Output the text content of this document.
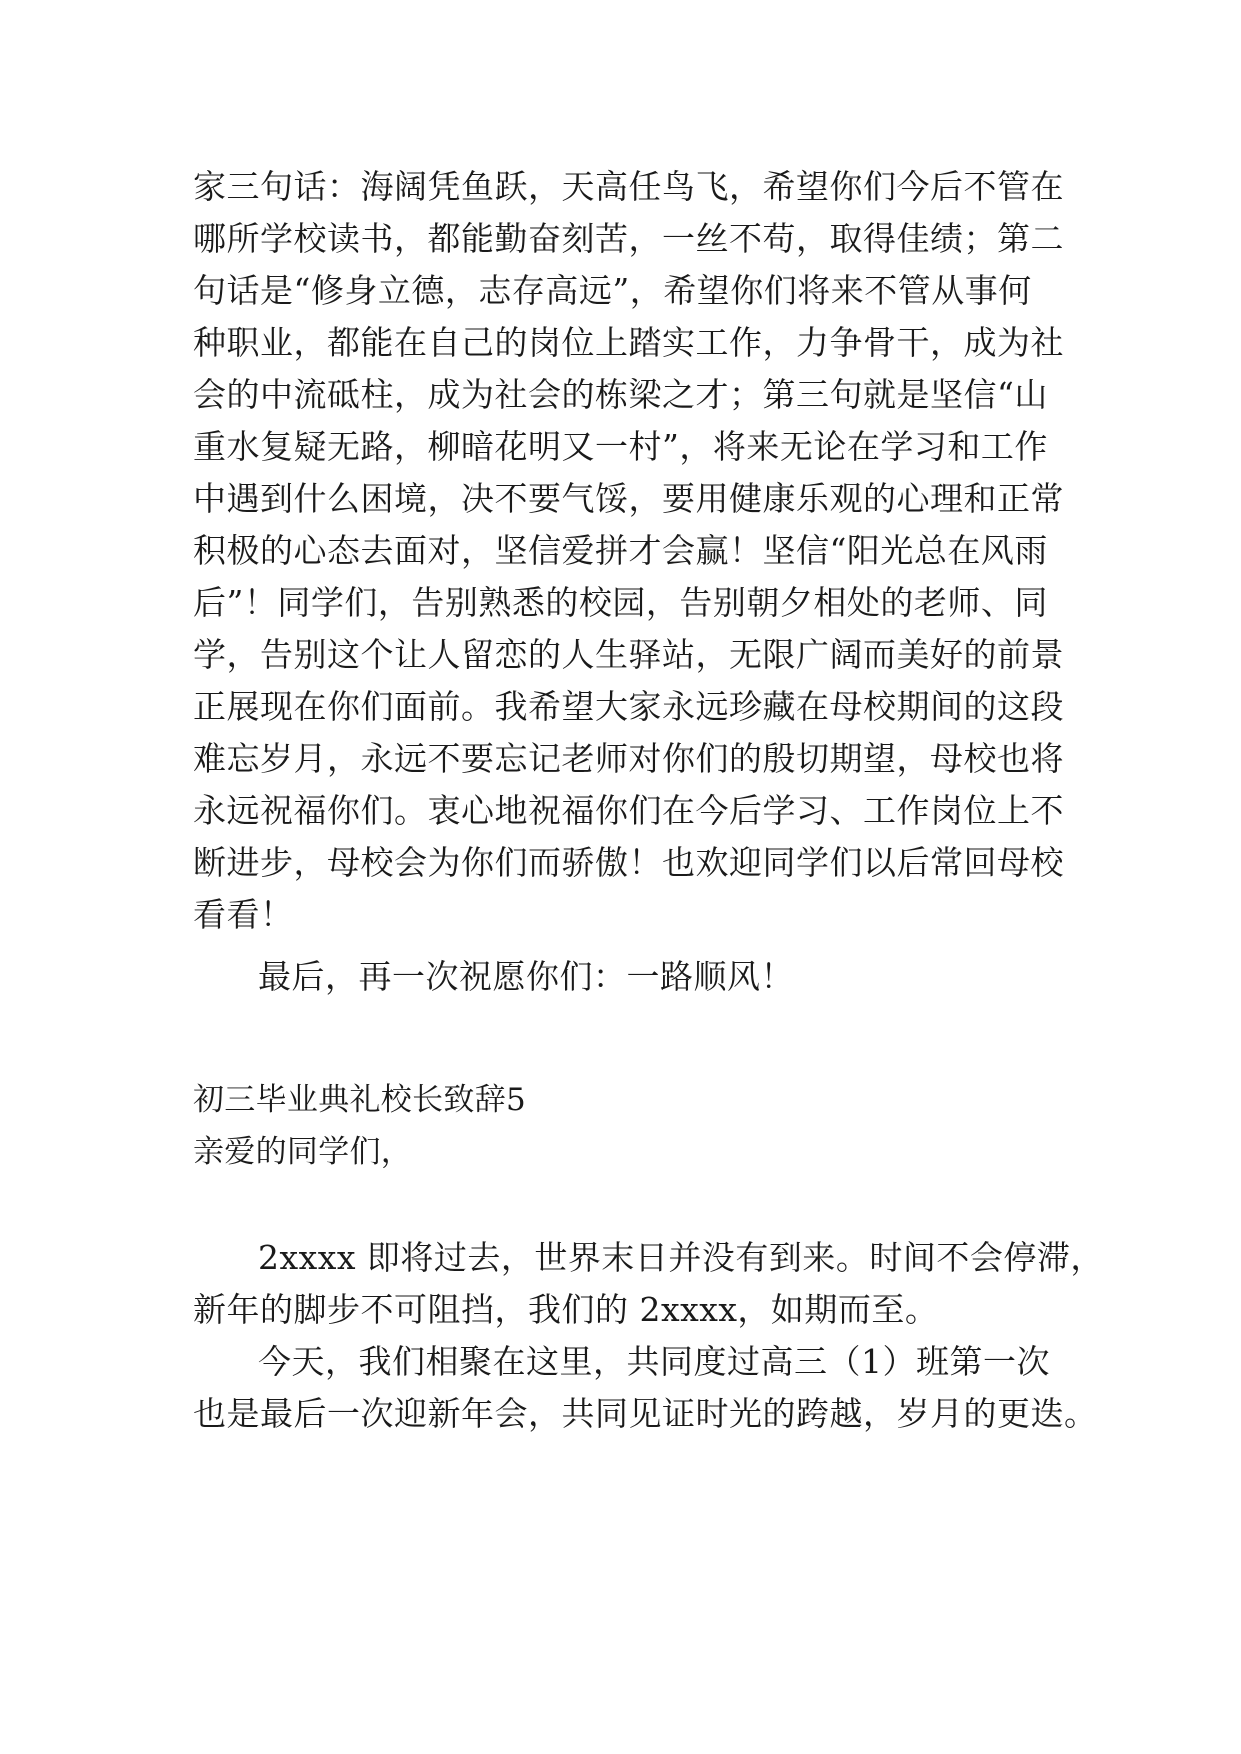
家三句话：海阔凭鱼跃，天高任鸟飞，希望你们今后不管在
哪所学校读书，都能勤奋刻苦，一丝不苟，取得佳绩；第二
句话是“修身立德，志存高远”，希望你们将来不管从事何
种职业，都能在自己的岗位上踏实工作，力争骨干，成为社
会的中流砥柱，成为社会的栋梁之才；第三句就是坚信“山
重水复疑无路，柳暗花明又一村”，将来无论在学习和工作
中遇到什么困境，决不要气馁，要用健康乐观的心理和正常
积极的心态去面对，坚信爱拼才会赢！坚信“阳光总在风雨
后”！同学们，告别熟悉的校园，告别朝夕相处的老师、同
学，告别这个让人留恋的人生驿站，无限广阔而美好的前景
正展现在你们面前。我希望大家永远珍藏在母校期间的这段
难忘岁月，永远不要忘记老师对你们的殷切期望，母校也将
永远祝福你们。衷心地祝福你们在今后学习、工作岗位上不
断进步，母校会为你们而骄傲！也欢迎同学们以后常回母校
看看！
最后，再一次祝愿你们：一路顺风！
初三毕业典礼校长致辞5
亲爱的同学们，
2xxxx 即将过去，世界末日并没有到来。时间不会停滞，
新年的脚步不可阻挡，我们的 2xxxx，如期而至。
今天，我们相聚在这里，共同度过高三（1）班第一次
也是最后一次迎新年会，共同见证时光的跨越，岁月的更迭。
